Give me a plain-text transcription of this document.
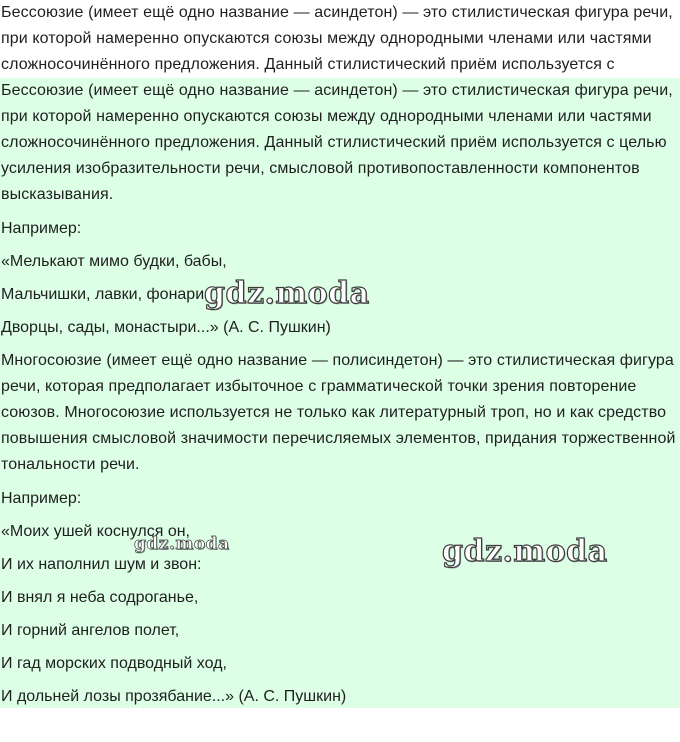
Бессоюзие (имеет ещё одно название — асиндетон) — это стилистическая фигура речи, при которой намеренно опускаются союзы между однородными членами или частями сложносочинённого предложения. Данный стилистический приём используется с

Бессоюзие (имеет ещё одно название — асиндетон) — это стилистическая фигура речи, при которой намеренно опускаются союзы между однородными членами или частями сложносочинённого предложения. Данный стилистический приём используется с целью усиления изобразительности речи, смысловой противопоставленности компонентов высказывания.

Например:
«Мелькают мимо будки, бабы,
Мальчишки, лавки, фонари,
Дворцы, сады, монастыри...» (А. С. Пушкин)

Многосоюзие (имеет ещё одно название — полисиндетон) — это стилистическая фигура речи, которая предполагает избыточное с грамматической точки зрения повторение союзов. Многосоюзие используется не только как литературный троп, но и как средство повышения смысловой значимости перечисляемых элементов, придания торжественной тональности речи.

Например:
«Моих ушей коснулся он,
И их наполнил шум и звон:
И внял я неба содроганье,
И горний ангелов полет,
И гад морских подводный ход,
И дольней лозы прозябание...» (А. С. Пушкин)
gdz.moda
gdz.moda	gdz.moda
